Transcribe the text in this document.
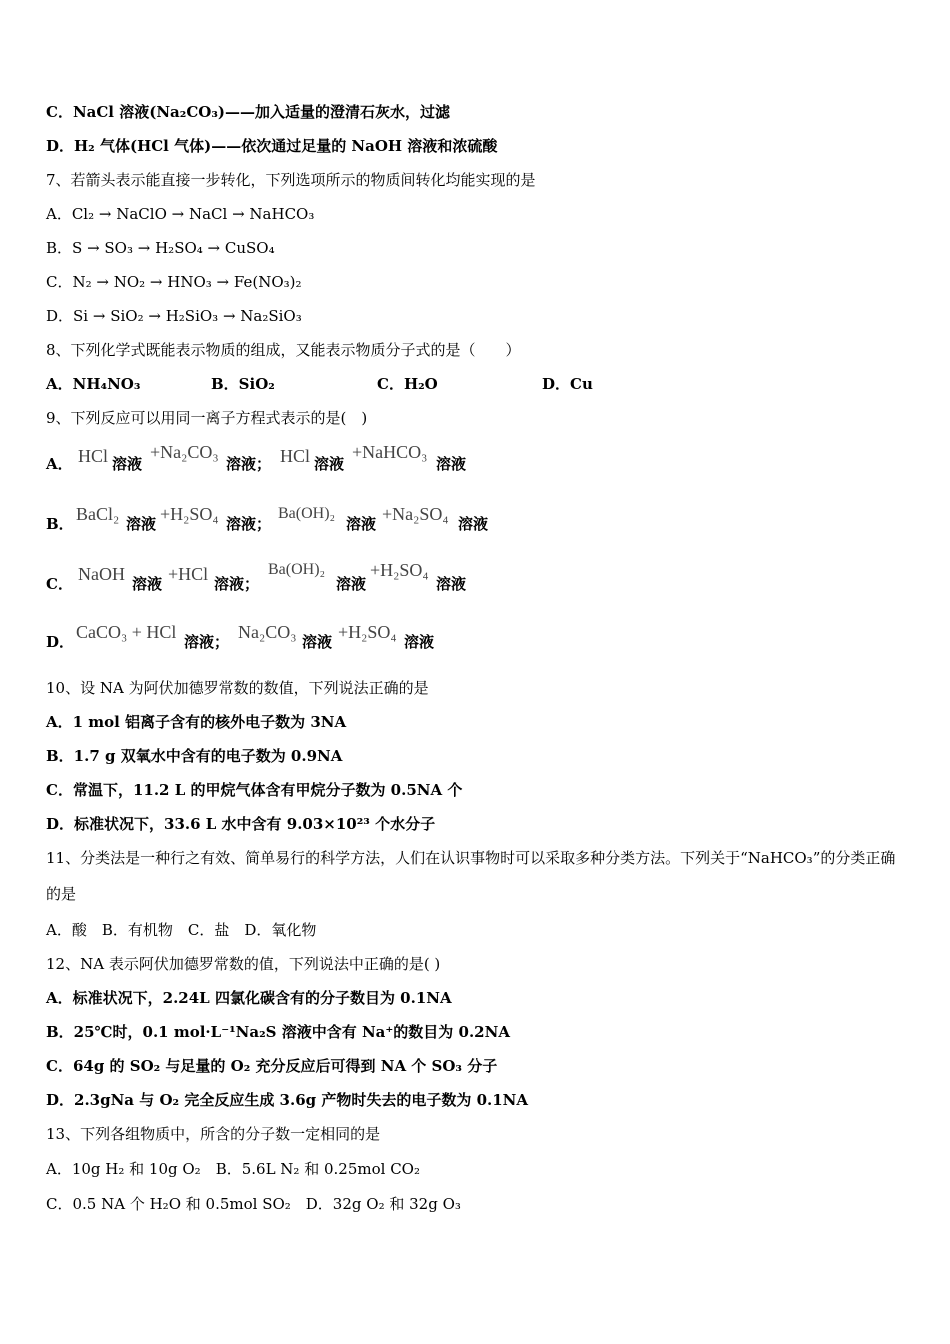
C．NaCl 溶液(Na₂CO₃)——加入适量的澄清石灰水，过滤
D．H₂ 气体(HCl 气体)——依次通过足量的 NaOH 溶液和浓硫酸
7、若箭头表示能直接一步转化，下列选项所示的物质间转化均能实现的是
A．Cl₂ → NaClO → NaCl → NaHCO₃
B．S → SO₃ → H₂SO₄ → CuSO₄
C．N₂ → NO₂ → HNO₃ → Fe(NO₃)₂
D．Si → SiO₂ → H₂SiO₃ → Na₂SiO₃
8、下列化学式既能表示物质的组成，又能表示物质分子式的是（　　）
A．NH₄NO₃	B．SiO₂	C．H₂O	D．Cu
9、下列反应可以用同一离子方程式表示的是(　)
A． HCl 溶液
+Na₂CO₃
溶液； HCl 溶液
+NaHCO₃
溶液
B． BaCl₂ 溶液 +H₂SO₄ 溶液；
Ba(OH)₂
溶液 +Na₂SO₄ 溶液
C． NaOH 溶液 +HCl 溶液；
Ba(OH)₂
溶液
+H₂SO₄
溶液
D． CaCO₃ + HCl 溶液； Na₂CO₃ 溶液 +H₂SO₄ 溶液
10、设 NA 为阿伏加德罗常数的数值，下列说法正确的是
A．1 mol 铝离子含有的核外电子数为 3NA
B．1.7 g 双氧水中含有的电子数为 0.9NA
C．常温下，11.2 L 的甲烷气体含有甲烷分子数为 0.5NA 个
D．标准状况下，33.6 L 水中含有 9.03×10²³ 个水分子
11、分类法是一种行之有效、简单易行的科学方法，人们在认识事物时可以采取多种分类方法。下列关于“NaHCO₃”的分类正确的是
A．酸　B．有机物　C．盐　D．氧化物
12、NA 表示阿伏加德罗常数的值，下列说法中正确的是( )
A．标准状况下，2.24L 四氯化碳含有的分子数目为 0.1NA
B．25℃时，0.1 mol·L⁻¹Na₂S 溶液中含有 Na⁺的数目为 0.2NA
C．64g 的 SO₂ 与足量的 O₂ 充分反应后可得到 NA 个 SO₃ 分子
D．2.3gNa 与 O₂ 完全反应生成 3.6g 产物时失去的电子数为 0.1NA
13、下列各组物质中，所含的分子数一定相同的是
A．10g H₂ 和 10g O₂　B．5.6L N₂ 和 0.25mol CO₂
C．0.5 NA 个 H₂O 和 0.5mol SO₂　D．32g O₂ 和 32g O₃
